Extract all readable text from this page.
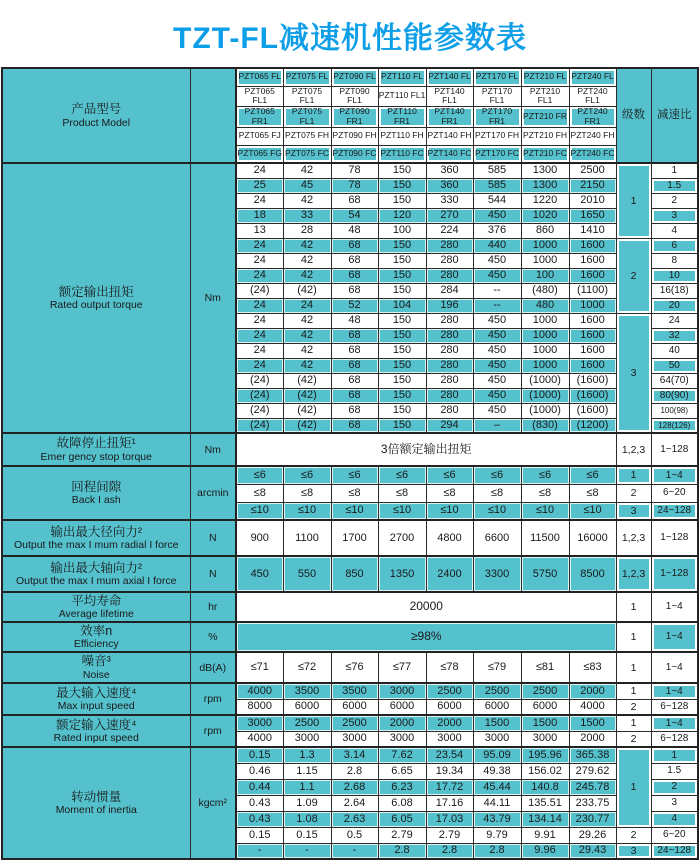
TZT-FL减速机性能参数表
产品型号
Product Model		PZT065 FL	PZT075 FL	PZT090 FL	PZT110 FL	PZT140 FL	PZT170 FL	PZT210 FL	PZT240 FL	级数	减速比
		PZT065 FL1	PZT075 FL1	PZT090 FL1	PZT110 FL1	PZT140 FL1	PZT170 FL1	PZT210 FL1	PZT240 FL1		
		PZT065 FR1	PZT075 FL1	PZT090 FR1	PZT110 FR1	PZT140 FR1	PZT170 FR1	PZT210 FR	PZT240 FR1		
		PZT065 FJ	PZT075 FH	PZT090 FH	PZT110 FH	PZT140 FH	PZT170 FH	PZT210 FH	PZT240 FH		
		PZT065 FG	PZT075 FC	PZT090 FC	PZT110 FC	PZT140 FC	PZT170 FC	PZT210 FC	PZT240 FC		

额定输出扭矩
Rated output torque	Nm	24	42	78	150	360	585	1300	2500	1	1
		25	45	78	150	360	585	1300	2150		1.5
		24	42	68	150	330	544	1220	2010		2
		18	33	54	120	270	450	1020	1650		3
		13	28	48	100	224	376	860	1410		4
		24	42	68	150	280	440	1000	1600	2	6
		24	42	68	150	280	450	1000	1600		8
		24	42	68	150	280	450	100	1600		10
		(24)	(42)	68	150	284	--	(480)	(1100)		16(18)
		24	24	52	104	196	--	480	1000		20
		24	42	48	150	280	450	1000	1600	3	24
		24	42	68	150	280	450	1000	1600		32
		24	42	68	150	280	450	1000	1600		40
		24	42	68	150	280	450	1000	1600		50
		(24)	(42)	68	150	280	450	(1000)	(1600)		64(70)
		(24)	(42)	68	150	280	450	(1000)	(1600)		80(90)
		(24)	(42)	68	150	280	450	(1000)	(1600)		100(98)
		(24)	(42)	68	150	294	–	(830)	(1200)		128(126)

故障停止扭矩¹
Emer gency stop torque	Nm	3倍额定输出扭矩								1,2,3	1~128

回程间隙
Back I ash	arcmin	≤6	≤6	≤6	≤6	≤6	≤6	≤6	≤6	1	1~4
		≤8	≤8	≤8	≤8	≤8	≤8	≤8	≤8	2	6~20
		≤10	≤10	≤10	≤10	≤10	≤10	≤10	≤10	3	24~128

输出最大径向力²
Output the max I mum radial I force	N	900	1100	1700	2700	4800	6600	11500	16000	1,2,3	1~128

输出最大轴向力²
Output the max I mum axial I force	N	450	550	850	1350	2400	3300	5750	8500	1,2,3	1~128

平均寿命
Average lifetime	hr	20000								1	1~4

效率n
Efficiency	%	≥98%								1	1~4

噪音³
Noise	dB(A)	≤71	≤72	≤76	≤77	≤78	≤79	≤81	≤83	1	1~4

最大输入速度⁴
Max input speed	rpm	4000	3500	3500	3000	2500	2500	2500	2000	1	1~4
		8000	6000	6000	6000	6000	6000	6000	4000	2	6~128

额定输入速度⁴
Rated input speed	rpm	3000	2500	2500	2000	2000	1500	1500	1500	1	1~4
		4000	3000	3000	3000	3000	3000	3000	2000	2	6~128

转动惯量
Moment of inertia	kgcm²	0.15	1.3	3.14	7.62	23.54	95.09	195.96	365.38	1	1
		0.46	1.15	2.8	6.65	19.34	49.38	156.02	279.62		1.5
		0.44	1.1	2.68	6.23	17.72	45.44	140.8	245.78		2
		0.43	1.09	2.64	6.08	17.16	44.11	135.51	233.75		3
		0.43	1.08	2.63	6.05	17.03	43.79	134.14	230.77		4
		0.15	0.15	0.5	2.79	2.79	9.79	9.91	29.26	2	6~20
		-	-	-	2.8	2.8	2.8	9.96	29.43	3	24~128
